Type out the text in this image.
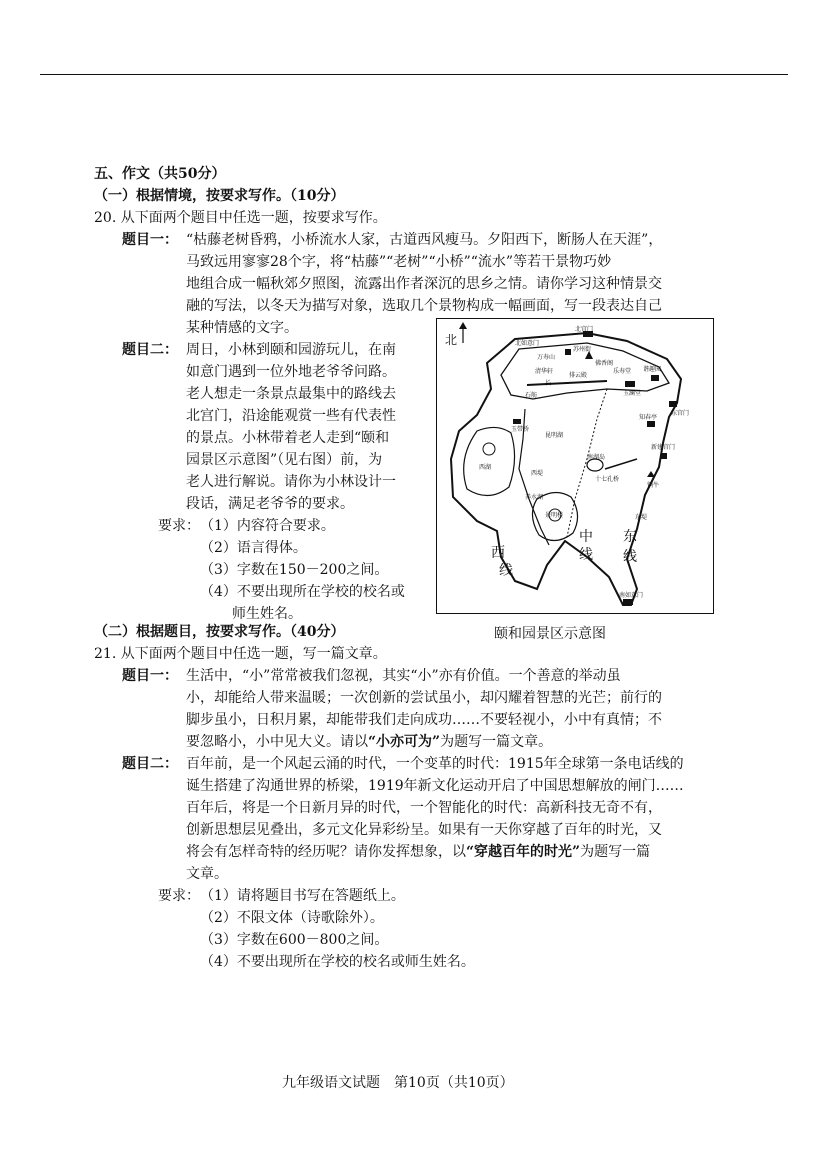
五、作文（共50分）
（一）根据情境，按要求写作。（10分）
20. 从下面两个题目中任选一题，按要求写作。
题目一： “枯藤老树昏鸦，小桥流水人家，古道西风瘦马。夕阳西下，断肠人在天涯”，
马致远用寥寥28个字，将“枯藤”“老树”“小桥”“流水”等若干景物巧妙
地组合成一幅秋郊夕照图，流露出作者深沉的思乡之情。请你学习这种情景交
融的写法，以冬天为描写对象，选取几个景物构成一幅画面，写一段表达自己
某种情感的文字。
题目二： 周日，小林到颐和园游玩儿，在南
如意门遇到一位外地老爷爷问路。
老人想走一条景点最集中的路线去
北宫门，沿途能观赏一些有代表性
的景点。小林带着老人走到“颐和
园景区示意图”（见右图）前，为
老人进行解说。请你为小林设计一
段话，满足老爷爷的要求。
要求： （1）内容符合要求。
（2）语言得体。
（3）字数在150－200之间。
（4）不要出现所在学校的校名或
师生姓名。
北
北宫门
北如意门
万寿山
苏州街
佛香阁
清华轩
长
排云殿
乐寿堂 谐趣园
玉澜堂
石舫
东宫门
玉带桥
昆明湖
知春亭
西湖
西堤
南湖岛
十七孔桥
新建宫门
铜牛
养水湖
景明楼	东堤
南如意门
中
线
东
线
西
线
颐和园景区示意图
（二）根据题目，按要求写作。（40分）
21. 从下面两个题目中任选一题，写一篇文章。
题目一： 生活中，“小”常常被我们忽视，其实“小”亦有价值。一个善意的举动虽
小，却能给人带来温暖；一次创新的尝试虽小，却闪耀着智慧的光芒；前行的
脚步虽小，日积月累，却能带我们走向成功……不要轻视小，小中有真情；不
要忽略小，小中见大义。请以“小亦可为”为题写一篇文章。
题目二： 百年前，是一个风起云涌的时代，一个变革的时代：1915年全球第一条电话线的
诞生搭建了沟通世界的桥梁，1919年新文化运动开启了中国思想解放的闸门……
百年后，将是一个日新月异的时代，一个智能化的时代：高新科技无奇不有，
创新思想层见叠出，多元文化异彩纷呈。如果有一天你穿越了百年的时光，又
将会有怎样奇特的经历呢？请你发挥想象，以“穿越百年的时光”为题写一篇
文章。
要求： （1）请将题目书写在答题纸上。
（2）不限文体（诗歌除外）。
（3）字数在600－800之间。
（4）不要出现所在学校的校名或师生姓名。
九年级语文试题　第10页（共10页）
